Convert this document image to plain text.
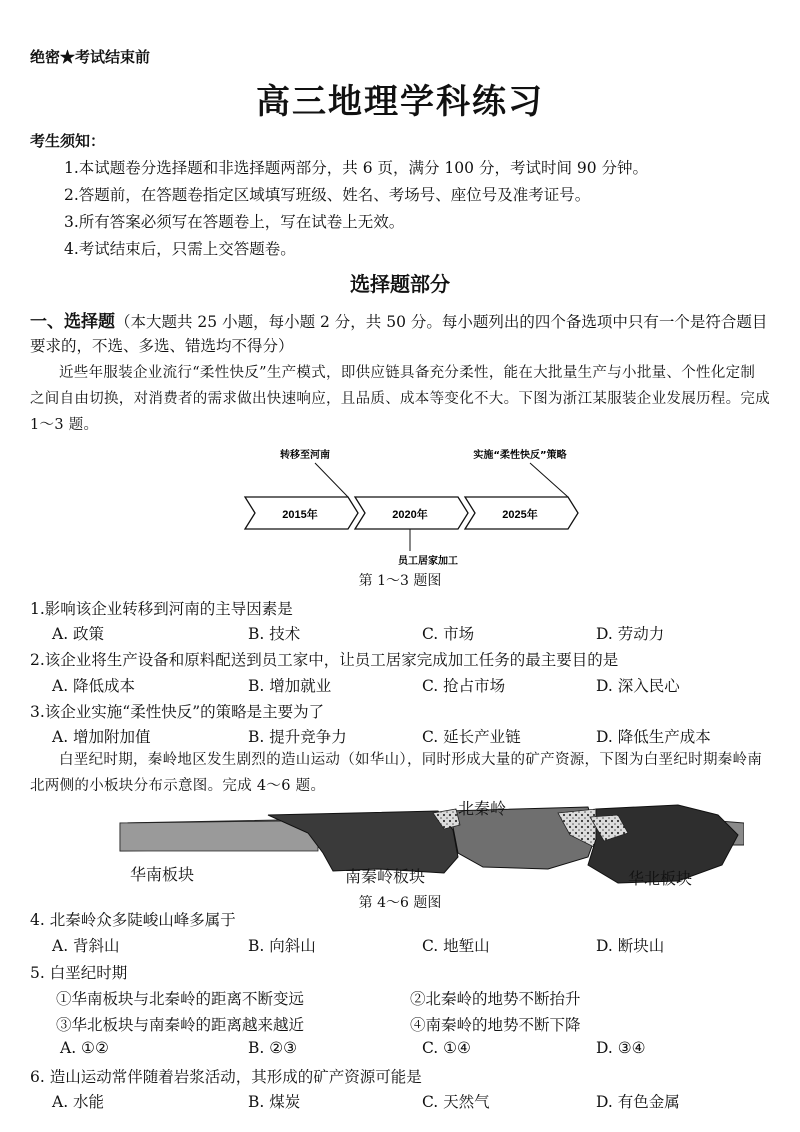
绝密★考试结束前
高三地理学科练习
考生须知：
1.本试题卷分选择题和非选择题两部分，共 6 页，满分 100 分，考试时间 90 分钟。
2.答题前，在答题卷指定区域填写班级、姓名、考场号、座位号及准考证号。
3.所有答案必须写在答题卷上，写在试卷上无效。
4.考试结束后，只需上交答题卷。
选择题部分
一、选择题（本大题共 25 小题，每小题 2 分，共 50 分。每小题列出的四个备选项中只有一个是符合题目要求的，不选、多选、错选均不得分）
近些年服装企业流行“柔性快反”生产模式，即供应链具备充分柔性，能在大批量生产与小批量、个性化定制之间自由切换，对消费者的需求做出快速响应，且品质、成本等变化不大。下图为浙江某服装企业发展历程。完成 1～3 题。
2015年	2020年	2025年
转移至河南	实施“柔性快反”策略
员工居家加工
第 1～3 题图
1.影响该企业转移到河南的主导因素是
A. 政策	B. 技术	C. 市场	D. 劳动力
2.该企业将生产设备和原料配送到员工家中，让员工居家完成加工任务的最主要目的是
A. 降低成本	B. 增加就业	C. 抢占市场	D. 深入民心
3.该企业实施“柔性快反”的策略是主要为了
A. 增加附加值	B. 提升竞争力	C. 延长产业链	D. 降低生产成本
白垩纪时期，秦岭地区发生剧烈的造山运动（如华山），同时形成大量的矿产资源，下图为白垩纪时期秦岭南北两侧的小板块分布示意图。完成 4～6 题。
北秦岭
华南板块	南秦岭板块	华北板块
第 4～6 题图
4. 北秦岭众多陡峻山峰多属于
A. 背斜山	B. 向斜山	C. 地堑山	D. 断块山
5. 白垩纪时期
①华南板块与北秦岭的距离不断变远	②北秦岭的地势不断抬升
③华北板块与南秦岭的距离越来越近	④南秦岭的地势不断下降
A. ①②	B. ②③	C. ①④	D. ③④
6. 造山运动常伴随着岩浆活动，其形成的矿产资源可能是
A. 水能	B. 煤炭	C. 天然气	D. 有色金属
